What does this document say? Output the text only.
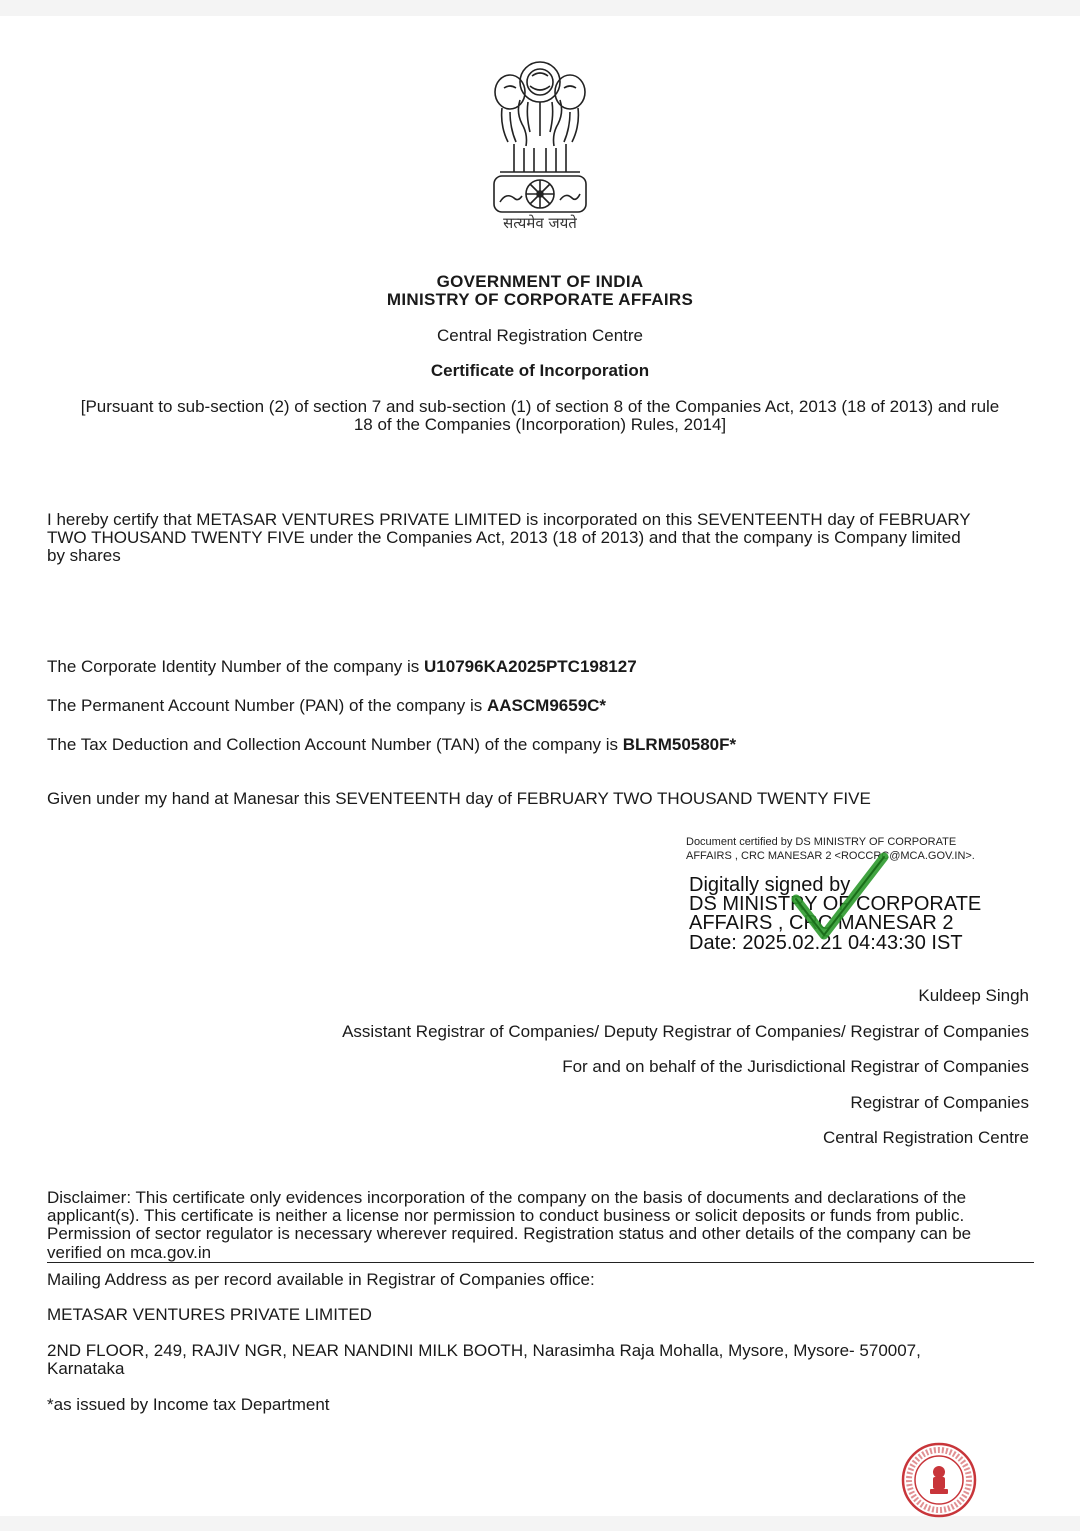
सत्यमेव जयते
GOVERNMENT OF INDIA
MINISTRY OF CORPORATE AFFAIRS
Central Registration Centre
Certificate of Incorporation
[Pursuant to sub-section (2) of section 7 and sub-section (1) of section 8 of the Companies Act, 2013 (18 of 2013) and rule
18 of the Companies (Incorporation) Rules, 2014]
I hereby certify that METASAR VENTURES PRIVATE LIMITED is incorporated on this SEVENTEENTH day of FEBRUARY
TWO THOUSAND TWENTY FIVE under the Companies Act, 2013 (18 of 2013) and that the company is Company limited
by shares
The Corporate Identity Number of the company is U10796KA2025PTC198127
The Permanent Account Number (PAN) of the company is AASCM9659C*
The Tax Deduction and Collection Account Number (TAN) of the company is BLRM50580F*
Given under my hand at Manesar this SEVENTEENTH day of FEBRUARY TWO THOUSAND TWENTY FIVE
Document certified by DS MINISTRY OF CORPORATE
AFFAIRS , CRC MANESAR 2 <ROCCRC@MCA.GOV.IN>.
Digitally signed by
DS MINISTRY OF CORPORATE
AFFAIRS , CRC MANESAR 2
Date: 2025.02.21 04:43:30 IST
Kuldeep Singh
Assistant Registrar of Companies/ Deputy Registrar of Companies/ Registrar of Companies
For and on behalf of the Jurisdictional Registrar of Companies
Registrar of Companies
Central Registration Centre
Disclaimer: This certificate only evidences incorporation of the company on the basis of documents and declarations of the
applicant(s). This certificate is neither a license nor permission to conduct business or solicit deposits or funds from public.
Permission of sector regulator is necessary wherever required. Registration status and other details of the company can be
verified on mca.gov.in
Mailing Address as per record available in Registrar of Companies office:
METASAR VENTURES PRIVATE LIMITED
2ND FLOOR, 249, RAJIV NGR, NEAR NANDINI MILK BOOTH, Narasimha Raja Mohalla, Mysore, Mysore- 570007,
Karnataka
*as issued by Income tax Department
